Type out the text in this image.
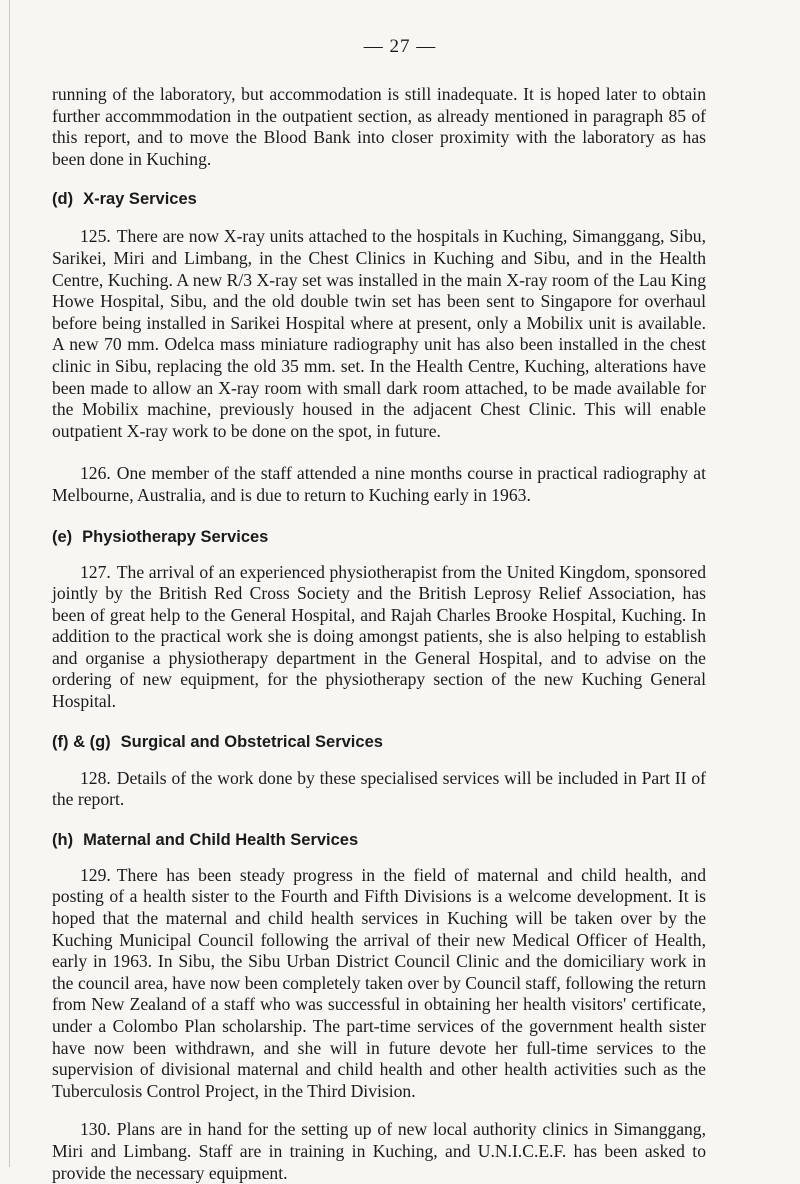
— 27 —

running of the laboratory, but accommodation is still inadequate. It is hoped later to obtain further accommmodation in the outpatient section, as already mentioned in paragraph 85 of this report, and to move the Blood Bank into closer proximity with the laboratory as has been done in Kuching.

(d) X-ray Services

125. There are now X-ray units attached to the hospitals in Kuching, Simanggang, Sibu, Sarikei, Miri and Limbang, in the Chest Clinics in Kuching and Sibu, and in the Health Centre, Kuching. A new R/3 X-ray set was installed in the main X-ray room of the Lau King Howe Hospital, Sibu, and the old double twin set has been sent to Singapore for overhaul before being installed in Sarikei Hospital where at present, only a Mobilix unit is available. A new 70 mm. Odelca mass miniature radiography unit has also been installed in the chest clinic in Sibu, replacing the old 35 mm. set. In the Health Centre, Kuching, alterations have been made to allow an X-ray room with small dark room attached, to be made available for the Mobilix machine, previously housed in the adjacent Chest Clinic. This will enable outpatient X-ray work to be done on the spot, in future.

126. One member of the staff attended a nine months course in practical radiography at Melbourne, Australia, and is due to return to Kuching early in 1963.

(e) Physiotherapy Services

127. The arrival of an experienced physiotherapist from the United Kingdom, sponsored jointly by the British Red Cross Society and the British Leprosy Relief Association, has been of great help to the General Hospital, and Rajah Charles Brooke Hospital, Kuching. In addition to the practical work she is doing amongst patients, she is also helping to establish and organise a physiotherapy department in the General Hospital, and to advise on the ordering of new equipment, for the physiotherapy section of the new Kuching General Hospital.

(f) & (g) Surgical and Obstetrical Services

128. Details of the work done by these specialised services will be included in Part II of the report.

(h) Maternal and Child Health Services

129. There has been steady progress in the field of maternal and child health, and posting of a health sister to the Fourth and Fifth Divisions is a welcome development. It is hoped that the maternal and child health services in Kuching will be taken over by the Kuching Municipal Council following the arrival of their new Medical Officer of Health, early in 1963. In Sibu, the Sibu Urban District Council Clinic and the domiciliary work in the council area, have now been completely taken over by Council staff, following the return from New Zealand of a staff who was successful in obtaining her health visitors' certificate, under a Colombo Plan scholarship. The part-time services of the government health sister have now been withdrawn, and she will in future devote her full-time services to the supervision of divisional maternal and child health and other health activities such as the Tuberculosis Control Project, in the Third Division.

130. Plans are in hand for the setting up of new local authority clinics in Simanggang, Miri and Limbang. Staff are in training in Kuching, and U.N.I.C.E.F. has been asked to provide the necessary equipment.
